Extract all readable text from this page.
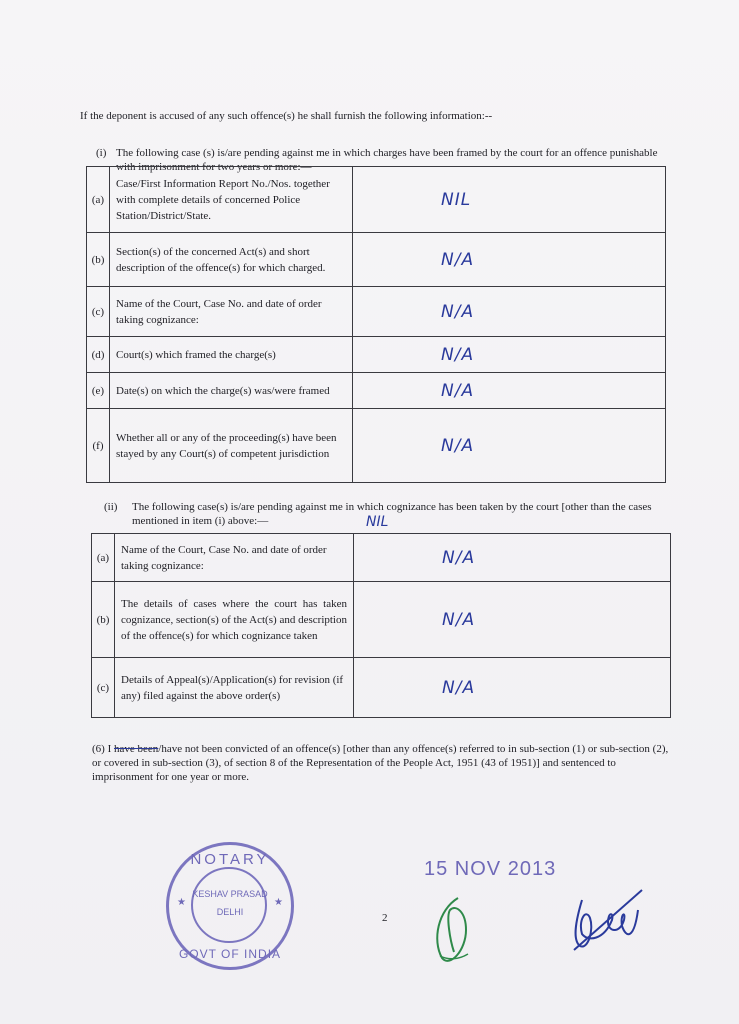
If the deponent is accused of any such offence(s) he shall furnish the following information:--
(i) The following case (s) is/are pending against me in which charges have been framed by the court for an offence punishable with imprisonment for two years or more:—
(a)	Case/First Information Report No./Nos. together with complete details of concerned Police Station/District/State.	NIL

(b)	Section(s) of the concerned Act(s) and short description of the offence(s) for which charged.	N/A

(c)	Name of the Court, Case No. and date of order taking cognizance:	N/A

(d)	Court(s) which framed the charge(s)	N/A

(e)	Date(s) on which the charge(s) was/were framed	N/A

(f)	Whether all or any of the proceeding(s) have been stayed by any Court(s) of competent jurisdiction	N/A
(ii) The following case(s) is/are pending against me in which cognizance has been taken by the court [other than the cases mentioned in item (i) above:—	NIL
(a)	Name of the Court, Case No. and date of order taking cognizance:	N/A

(b)	The details of cases where the court has taken cognizance, section(s) of the Act(s) and description of the offence(s) for which cognizance taken	N/A

(c)	Details of Appeal(s)/Application(s) for revision (if any) filed against the above order(s)	N/A
(6) I have been/have not been convicted of an offence(s) [other than any offence(s) referred to in sub-section (1) or sub-section (2), or covered in sub-section (3), of section 8 of the Representation of the People Act, 1951 (43 of 1951)] and sentenced to imprisonment for one year or more.
NOTARY
★	★
KESHAV PRASAD
DELHI
GOVT OF INDIA
15 NOV 2013
2
